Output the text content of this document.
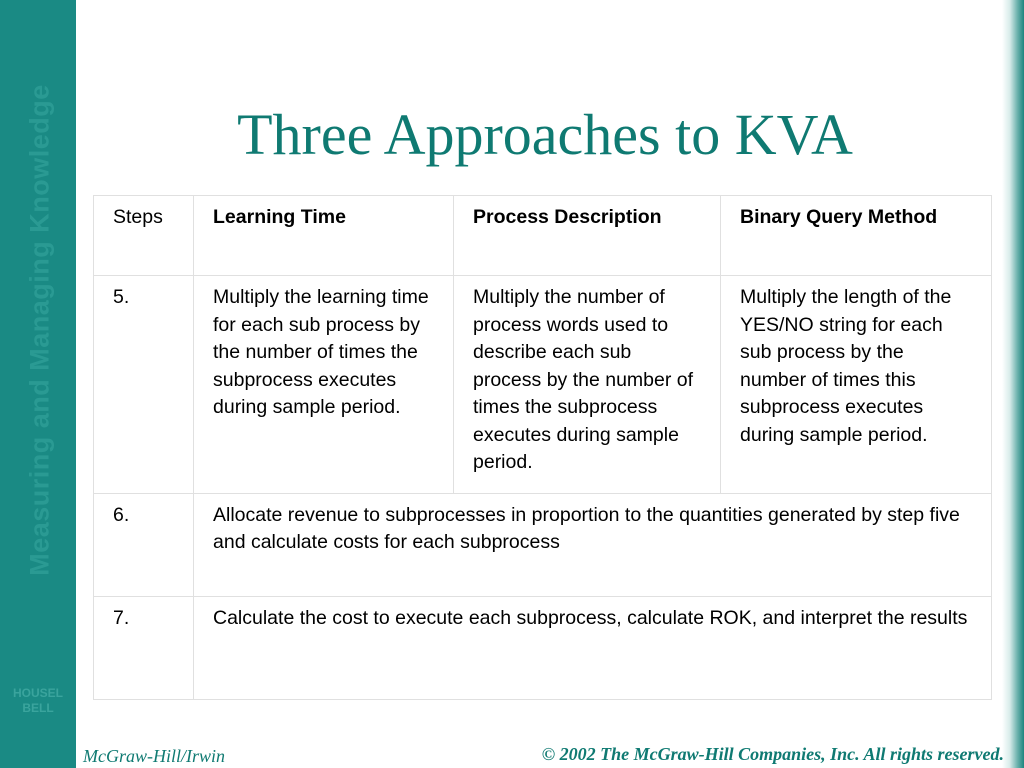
Measuring and Managing Knowledge
HOUSEL
BELL
Three Approaches to KVA
Steps	Learning Time	Process Description	Binary Query Method
5.	Multiply the learning time for each sub process by the number of times the subprocess executes during sample period.	Multiply the number of process words used to describe each sub process by the number of times the subprocess executes during sample period.	Multiply the length of the YES/NO string for each sub process by the number of times this subprocess executes during sample period.
6.	Allocate revenue to subprocesses in proportion to the quantities generated by step five and calculate costs for each subprocess		
7.	Calculate the cost to execute each subprocess, calculate ROK, and interpret the results		
McGraw-Hill/Irwin	© 2002 The McGraw-Hill Companies, Inc. All rights reserved.
